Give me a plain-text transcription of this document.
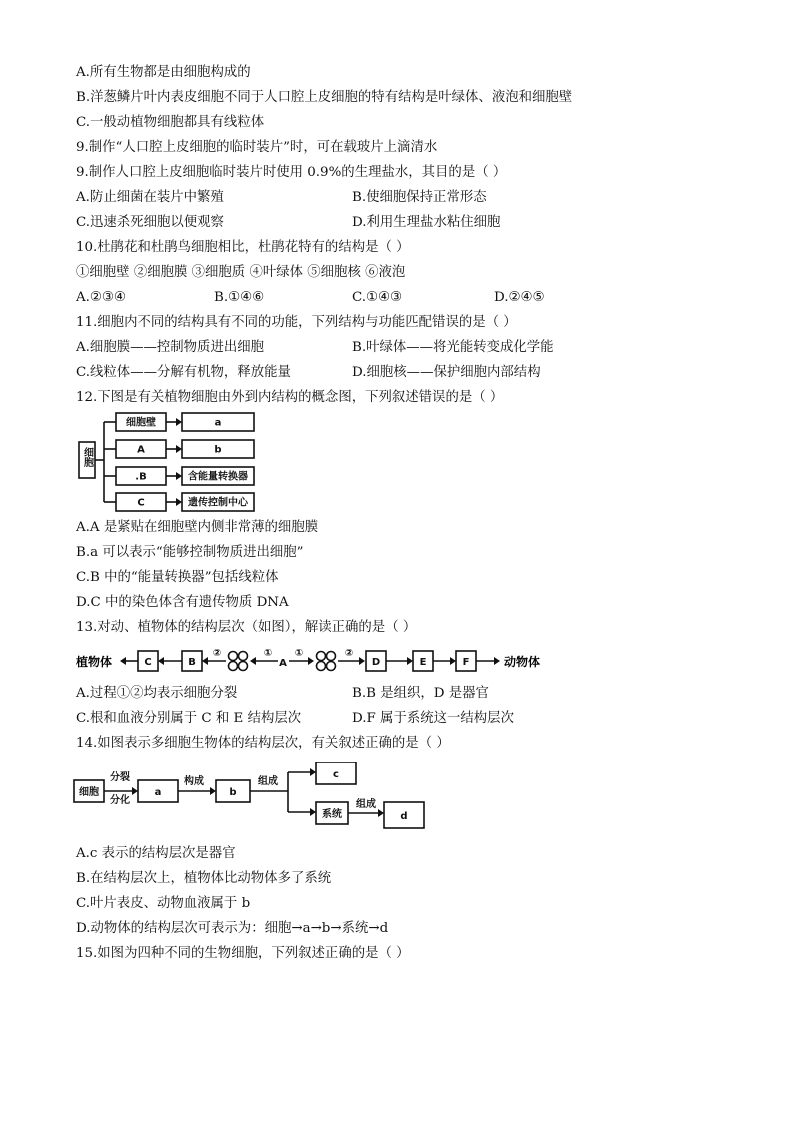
A.所有生物都是由细胞构成的
B.洋葱鳞片叶内表皮细胞不同于人口腔上皮细胞的特有结构是叶绿体、液泡和细胞壁
C.一般动植物细胞都具有线粒体
9.制作“人口腔上皮细胞的临时装片”时，可在载玻片上滴清水
9.制作人口腔上皮细胞临时装片时使用 0.9%的生理盐水，其目的是（ ）
A.防止细菌在装片中繁殖	B.使细胞保持正常形态
C.迅速杀死细胞以便观察	D.利用生理盐水粘住细胞
10.杜鹃花和杜鹃鸟细胞相比，杜鹃花特有的结构是（ ）
①细胞壁 ②细胞膜 ③细胞质 ④叶绿体 ⑤细胞核 ⑥液泡
A.②③④	B.①④⑥	C.①④③	D.②④⑤
11.细胞内不同的结构具有不同的功能，下列结构与功能匹配错误的是（ ）
A.细胞膜——控制物质进出细胞	B.叶绿体——将光能转变成化学能
C.线粒体——分解有机物，释放能量	D.细胞核——保护细胞内部结构
12.下图是有关植物细胞由外到内结构的概念图，下列叙述错误的是（ ）
细胞
细胞壁
A
.B
C
a
b
含能量转换器
遗传控制中心
A.A 是紧贴在细胞壁内侧非常薄的细胞膜
B.a 可以表示“能够控制物质进出细胞”
C.B 中的“能量转换器”包括线粒体
D.C 中的染色体含有遗传物质 DNA
13.对动、植物体的结构层次（如图），解读正确的是（ ）
植物体	C	B
②	①
A
①	②
D	E	F	动物体
A.过程①②均表示细胞分裂	B.B 是组织，D 是器官
C.根和血液分别属于 C 和 E 结构层次	D.F 属于系统这一结构层次
14.如图表示多细胞生物体的结构层次，有关叙述正确的是（ ）
细胞
分裂
分化
a
构成
b
组成
c
系统
组成
d
A.c 表示的结构层次是器官
B.在结构层次上，植物体比动物体多了系统
C.叶片表皮、动物血液属于 b
D.动物体的结构层次可表示为：细胞→a→b→系统→d
15.如图为四种不同的生物细胞，下列叙述正确的是（ ）
